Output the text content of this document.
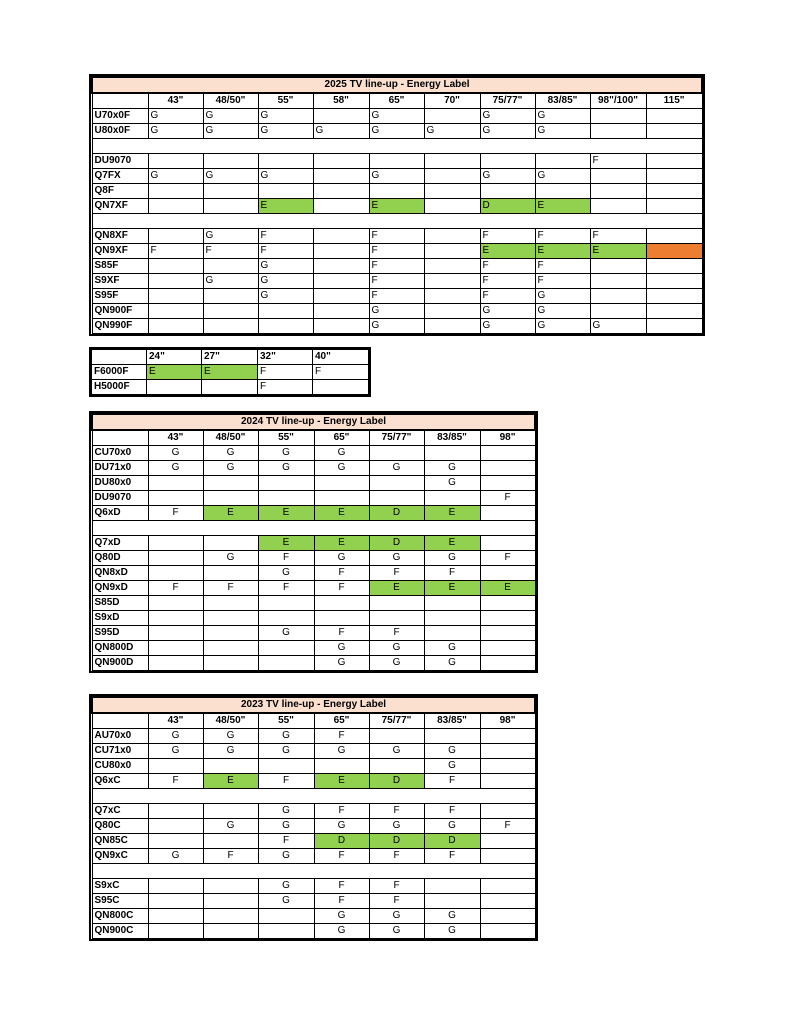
2025 TV line-up - Energy Label										
	43"	48/50"	55"	58"	65"	70"	75/77"	83/85"	98"/100"	115"
U70x0F	G	G	G		G		G	G		
U80x0F	G	G	G	G	G	G	G	G		

DU9070									F	
Q7FX	G	G	G		G		G	G		
Q8F										
QN7XF			E		E		D	E		

QN8XF		G	F		F		F	F	F	
QN9XF	F	F	F		F		E	E	E	
S85F			G		F		F	F		
S9XF		G	G		F		F	F		
S95F			G		F		F	G		
QN900F					G		G	G		
QN990F					G		G	G	G	
	24"	27"	32"	40"
F6000F	E	E	F	F
H5000F			F	
2024 TV line-up - Energy Label							
	43"	48/50"	55"	65"	75/77"	83/85"	98"
CU70x0	G	G	G	G			
DU71x0	G	G	G	G	G	G	
DU80x0						G	
DU9070							F
Q6xD	F	E	E	E	D	E	

Q7xD			E	E	D	E	
Q80D		G	F	G	G	G	F
QN8xD			G	F	F	F	
QN9xD	F	F	F	F	E	E	E
S85D							
S9xD							
S95D			G	F	F		
QN800D				G	G	G	
QN900D				G	G	G	
2023 TV line-up - Energy Label							
	43"	48/50"	55"	65"	75/77"	83/85"	98"
AU70x0	G	G	G	F			
CU71x0	G	G	G	G	G	G	
CU80x0						G	
Q6xC	F	E	F	E	D	F	

Q7xC			G	F	F	F	
Q80C		G	G	G	G	G	F
QN85C			F	D	D	D	
QN9xC	G	F	G	F	F	F	

S9xC			G	F	F		
S95C			G	F	F		
QN800C				G	G	G	
QN900C				G	G	G	
